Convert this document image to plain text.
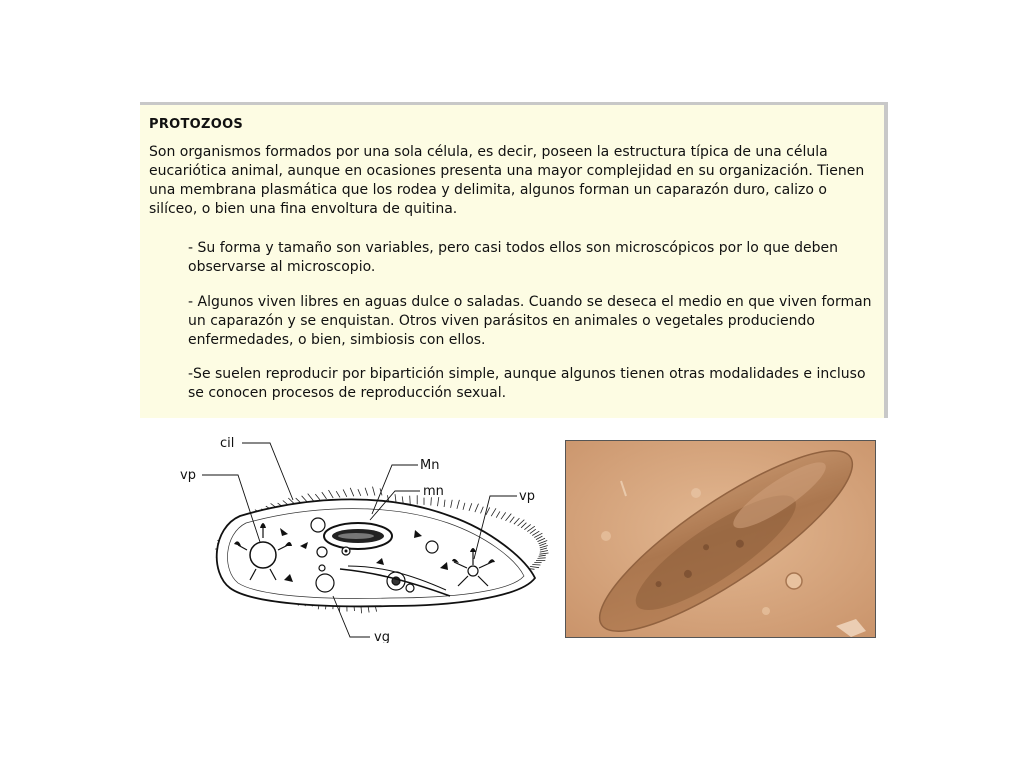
PROTOZOOS

Son organismos formados por una sola célula, es decir, poseen la estructura típica de una célula eucariótica animal, aunque en ocasiones presenta una mayor complejidad en su organización. Tienen una membrana plasmática que los rodea y delimita, algunos forman un caparazón duro, calizo o silíceo, o bien una fina envoltura de quitina.

- Su forma y tamaño son variables, pero casi todos ellos son microscópicos por lo que deben observarse al microscopio.

- Algunos viven libres en aguas dulce o saladas. Cuando se deseca el medio en que viven forman un caparazón y se enquistan. Otros viven parásitos en animales o vegetales produciendo enfermedades, o bien, simbiosis con ellos.

-Se suelen reproducir por bipartición simple, aunque algunos tienen otras modalidades e incluso se conocen procesos de reproducción sexual.

cil
vp
Mn
mn	vp
vg
